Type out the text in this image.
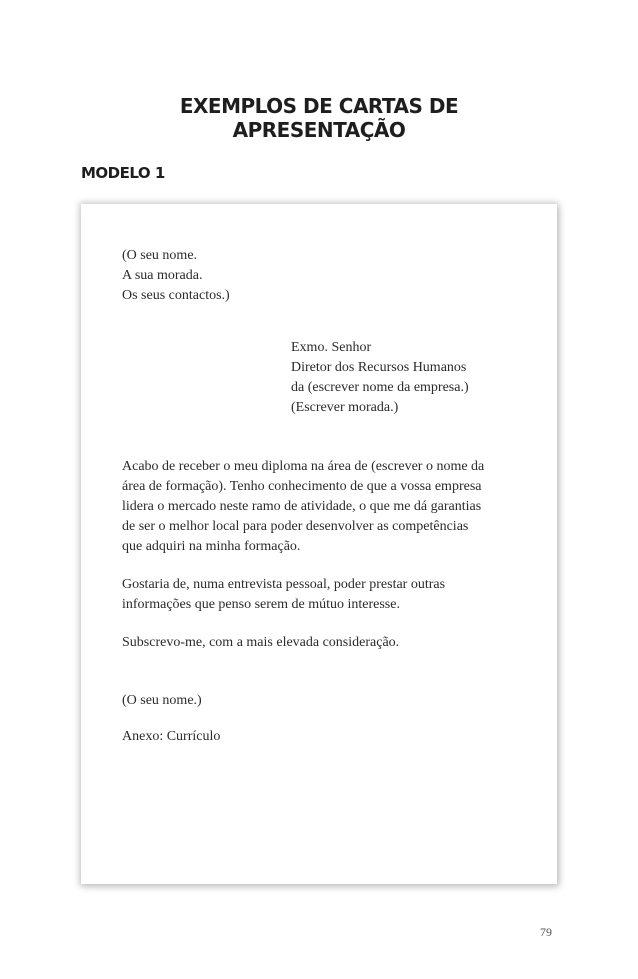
EXEMPLOS DE CARTAS DE
APRESENTAÇÃO
MODELO 1
(O seu nome.
A sua morada.
Os seus contactos.)
Exmo. Senhor
Diretor dos Recursos Humanos
da (escrever nome da empresa.)
(Escrever morada.)
Acabo de receber o meu diploma na área de (escrever o nome da
área de formação). Tenho conhecimento de que a vossa empresa
lidera o mercado neste ramo de atividade, o que me dá garantias
de ser o melhor local para poder desenvolver as competências
que adquiri na minha formação.
Gostaria de, numa entrevista pessoal, poder prestar outras
informações que penso serem de mútuo interesse.
Subscrevo-me, com a mais elevada consideração.
(O seu nome.)
Anexo: Currículo
79
